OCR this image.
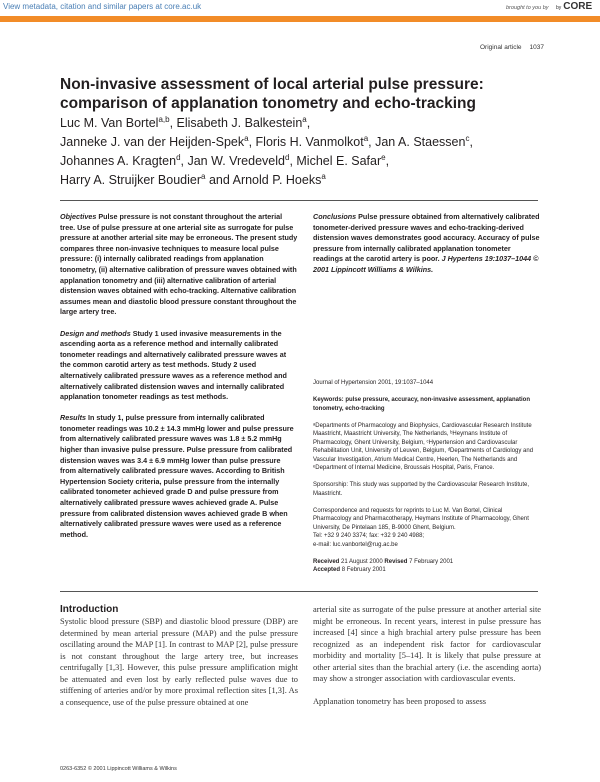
View metadata, citation and similar papers at core.ac.uk	brought to you by by CORE
provided by Lirias
Original article 1037
Non-invasive assessment of local arterial pulse pressure: comparison of applanation tonometry and echo-tracking
Luc M. Van Bortel$^{a,b}$, Elisabeth J. Balkestein$^a$,
Janneke J. van der Heijden-Spek$^a$, Floris H. Vanmolkot$^a$, Jan A. Staessen$^c$,
Johannes A. Kragten$^d$, Jan W. Vredeveld$^d$, Michel E. Safar$^e$,
Harry A. Struijker Boudier$^a$ and Arnold P. Hoeks$^a$

Objectives Pulse pressure is not constant throughout the arterial tree. Use of pulse pressure at one arterial site as surrogate for pulse pressure at another arterial site may be erroneous. The present study compares three non-invasive techniques to measure local pulse pressure: (i) internally calibrated readings from applanation tonometry, (ii) alternative calibration of pressure waves obtained with applanation tonometry and (iii) alternative calibration of arterial distension waves obtained with echo-tracking. Alternative calibration assumes mean and diastolic blood pressure constant throughout the large artery tree.

Design and methods Study 1 used invasive measurements in the ascending aorta as a reference method and internally calibrated tonometer readings and alternatively calibrated pressure waves at the common carotid artery as test methods. Study 2 used alternatively calibrated pressure waves as a reference method and alternatively calibrated distension waves and internally calibrated applanation tonometer readings as test methods.

Results In study 1, pulse pressure from internally calibrated tonometer readings was 10.2 ± 14.3 mmHg lower and pulse pressure from alternatively calibrated pressure waves was 1.8 ± 5.2 mmHg higher than invasive pulse pressure. Pulse pressure from calibrated distension waves was 3.4 ± 6.9 mmHg lower than pulse pressure from alternatively calibrated pressure waves. According to British Hypertension Society criteria, pulse pressure from the internally calibrated tonometer achieved grade D and pulse pressure from alternatively calibrated pressure waves achieved grade A. Pulse pressure from calibrated distension waves achieved grade B when alternatively calibrated pressure waves were used as a reference method.

Conclusions Pulse pressure obtained from alternatively calibrated tonometer-derived pressure waves and echo-tracking-derived distension waves demonstrates good accuracy. Accuracy of pulse pressure from internally calibrated applanation tonometer readings at the carotid artery is poor. J Hypertens 19:1037–1044 © 2001 Lippincott Williams & Wilkins.

Journal of Hypertension 2001, 19:1037–1044

Keywords: pulse pressure, accuracy, non-invasive assessment, applanation tonometry, echo-tracking

ᵃDepartments of Pharmacology and Biophysics, Cardiovascular Research Institute Maastricht, Maastricht University, The Netherlands, ᵇHeymans Institute of Pharmacology, Ghent University, Belgium, ᶜHypertension and Cardiovascular Rehabilitation Unit, University of Leuven, Belgium, ᵈDepartments of Cardiology and Vascular Investigation, Atrium Medical Centre, Heerlen, The Netherlands and ᵉDepartment of Internal Medicine, Broussais Hospital, Paris, France.

Sponsorship: This study was supported by the Cardiovascular Research Institute, Maastricht.

Correspondence and requests for reprints to Luc M. Van Bortel, Clinical Pharmacology and Pharmacotherapy, Heymans Institute of Pharmacology, Ghent University, De Pintelaan 185, B-9000 Ghent, Belgium.
Tel: +32 9 240 3374; fax: +32 9 240 4988;
e-mail: luc.vanbortel@rug.ac.be

Received 21 August 2000 Revised 7 February 2001
Accepted 8 February 2001

Introduction
Systolic blood pressure (SBP) and diastolic blood pressure (DBP) are determined by mean arterial pressure (MAP) and the pulse pressure oscillating around the MAP [1]. In contrast to MAP [2], pulse pressure is not constant throughout the large artery tree, but increases centrifugally [1,3]. However, this pulse pressure amplification might be attenuated and even lost by early reflected pulse waves due to stiffening of arteries and/or by more proximal reflection sites [1,3]. As a consequence, use of the pulse pressure obtained at one

arterial site as surrogate of the pulse pressure at another arterial site might be erroneous. In recent years, interest in pulse pressure has increased [4] since a high brachial artery pulse pressure has been recognized as an independent risk factor for cardiovascular morbidity and mortality [5–14]. It is likely that pulse pressure at other arterial sites than the brachial artery (i.e. the ascending aorta) may show a stronger association with cardiovascular events.

Applanation tonometry has been proposed to assess

0263-6352 © 2001 Lippincott Williams & Wilkins
